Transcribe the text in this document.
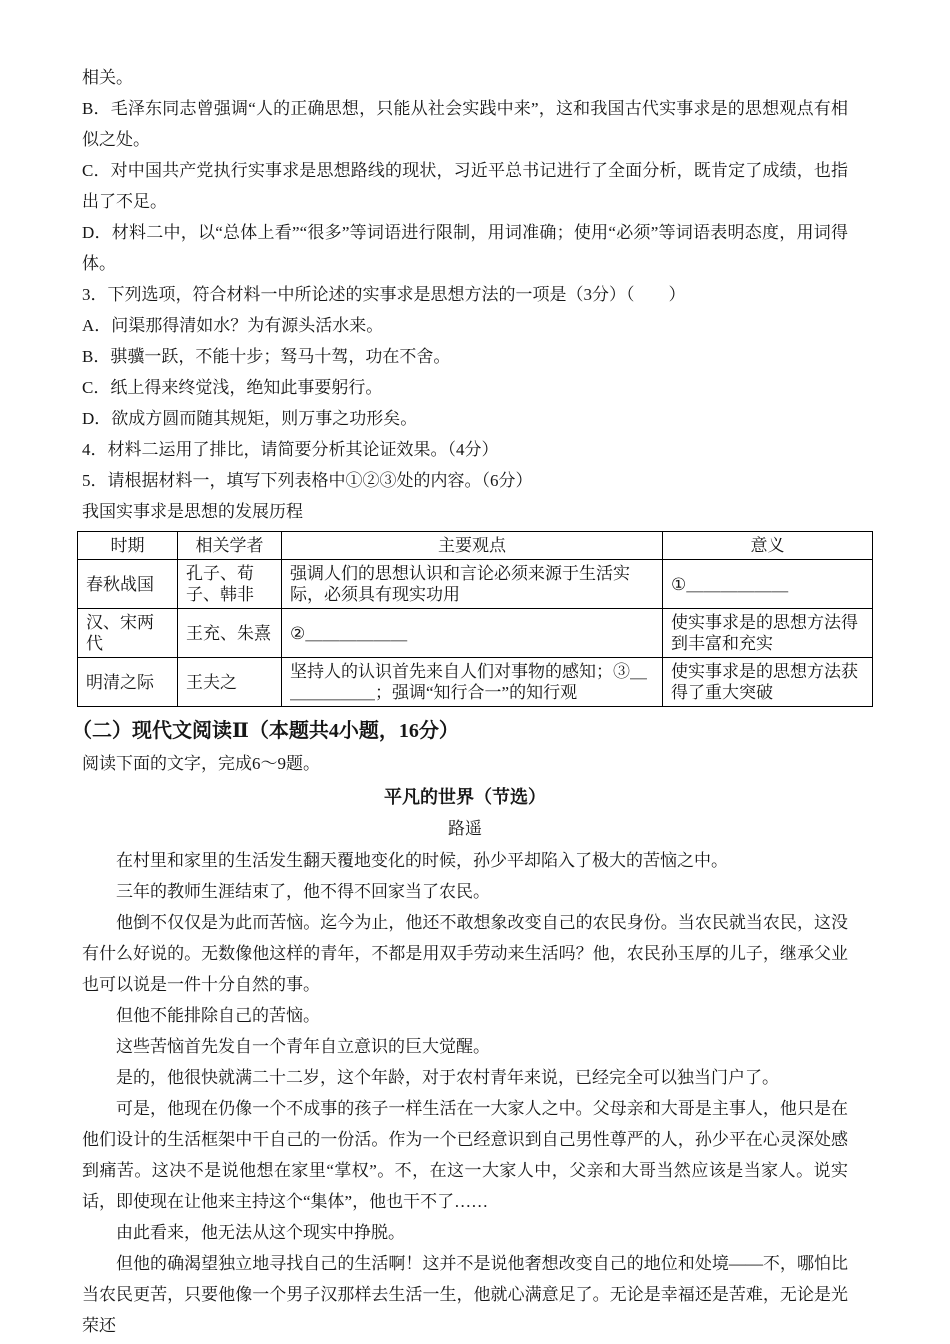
相关。

B．毛泽东同志曾强调“人的正确思想，只能从社会实践中来”，这和我国古代实事求是的思想观点有相似之处。

C．对中国共产党执行实事求是思想路线的现状，习近平总书记进行了全面分析，既肯定了成绩，也指出了不足。

D．材料二中，以“总体上看”“很多”等词语进行限制，用词准确；使用“必须”等词语表明态度，用词得体。

3．下列选项，符合材料一中所论述的实事求是思想方法的一项是（3分）（　　）

A．问渠那得清如水？为有源头活水来。

B．骐骥一跃，不能十步；驽马十驾，功在不舍。

C．纸上得来终觉浅，绝知此事要躬行。

D．欲成方圆而随其规矩，则万事之功形矣。

4．材料二运用了排比，请简要分析其论证效果。（4分）

5．请根据材料一，填写下列表格中①②③处的内容。（6分）

我国实事求是思想的发展历程

时期	相关学者	主要观点	意义
春秋战国	孔子、荀子、韩非	强调人们的思想认识和言论必须来源于生活实际，必须具有现实功用	①＿＿＿＿＿＿
汉、宋两代	王充、朱熹	②＿＿＿＿＿＿	使实事求是的思想方法得到丰富和充实
明清之际	王夫之	坚持人的认识首先来自人们对事物的感知；③＿＿＿＿＿＿；强调“知行合一”的知行观	使实事求是的思想方法获得了重大突破

（二）现代文阅读Ⅱ（本题共4小题，16分）

阅读下面的文字，完成6～9题。

平凡的世界（节选）

路遥

在村里和家里的生活发生翻天覆地变化的时候，孙少平却陷入了极大的苦恼之中。

三年的教师生涯结束了，他不得不回家当了农民。

他倒不仅仅是为此而苦恼。迄今为止，他还不敢想象改变自己的农民身份。当农民就当农民，这没有什么好说的。无数像他这样的青年，不都是用双手劳动来生活吗？他，农民孙玉厚的儿子，继承父业也可以说是一件十分自然的事。

但他不能排除自己的苦恼。

这些苦恼首先发自一个青年自立意识的巨大觉醒。

是的，他很快就满二十二岁，这个年龄，对于农村青年来说，已经完全可以独当门户了。

可是，他现在仍像一个不成事的孩子一样生活在一大家人之中。父母亲和大哥是主事人，他只是在他们设计的生活框架中干自己的一份活。作为一个已经意识到自己男性尊严的人，孙少平在心灵深处感到痛苦。这决不是说他想在家里“掌权”。不，在这一大家人中，父亲和大哥当然应该是当家人。说实话，即使现在让他来主持这个“集体”，他也干不了……

由此看来，他无法从这个现实中挣脱。

但他的确渴望独立地寻找自己的生活啊！这并不是说他奢想改变自己的地位和处境——不，哪怕比当农民更苦，只要他像一个男子汉那样去生活一生，他就心满意足了。无论是幸福还是苦难，无论是光荣还
